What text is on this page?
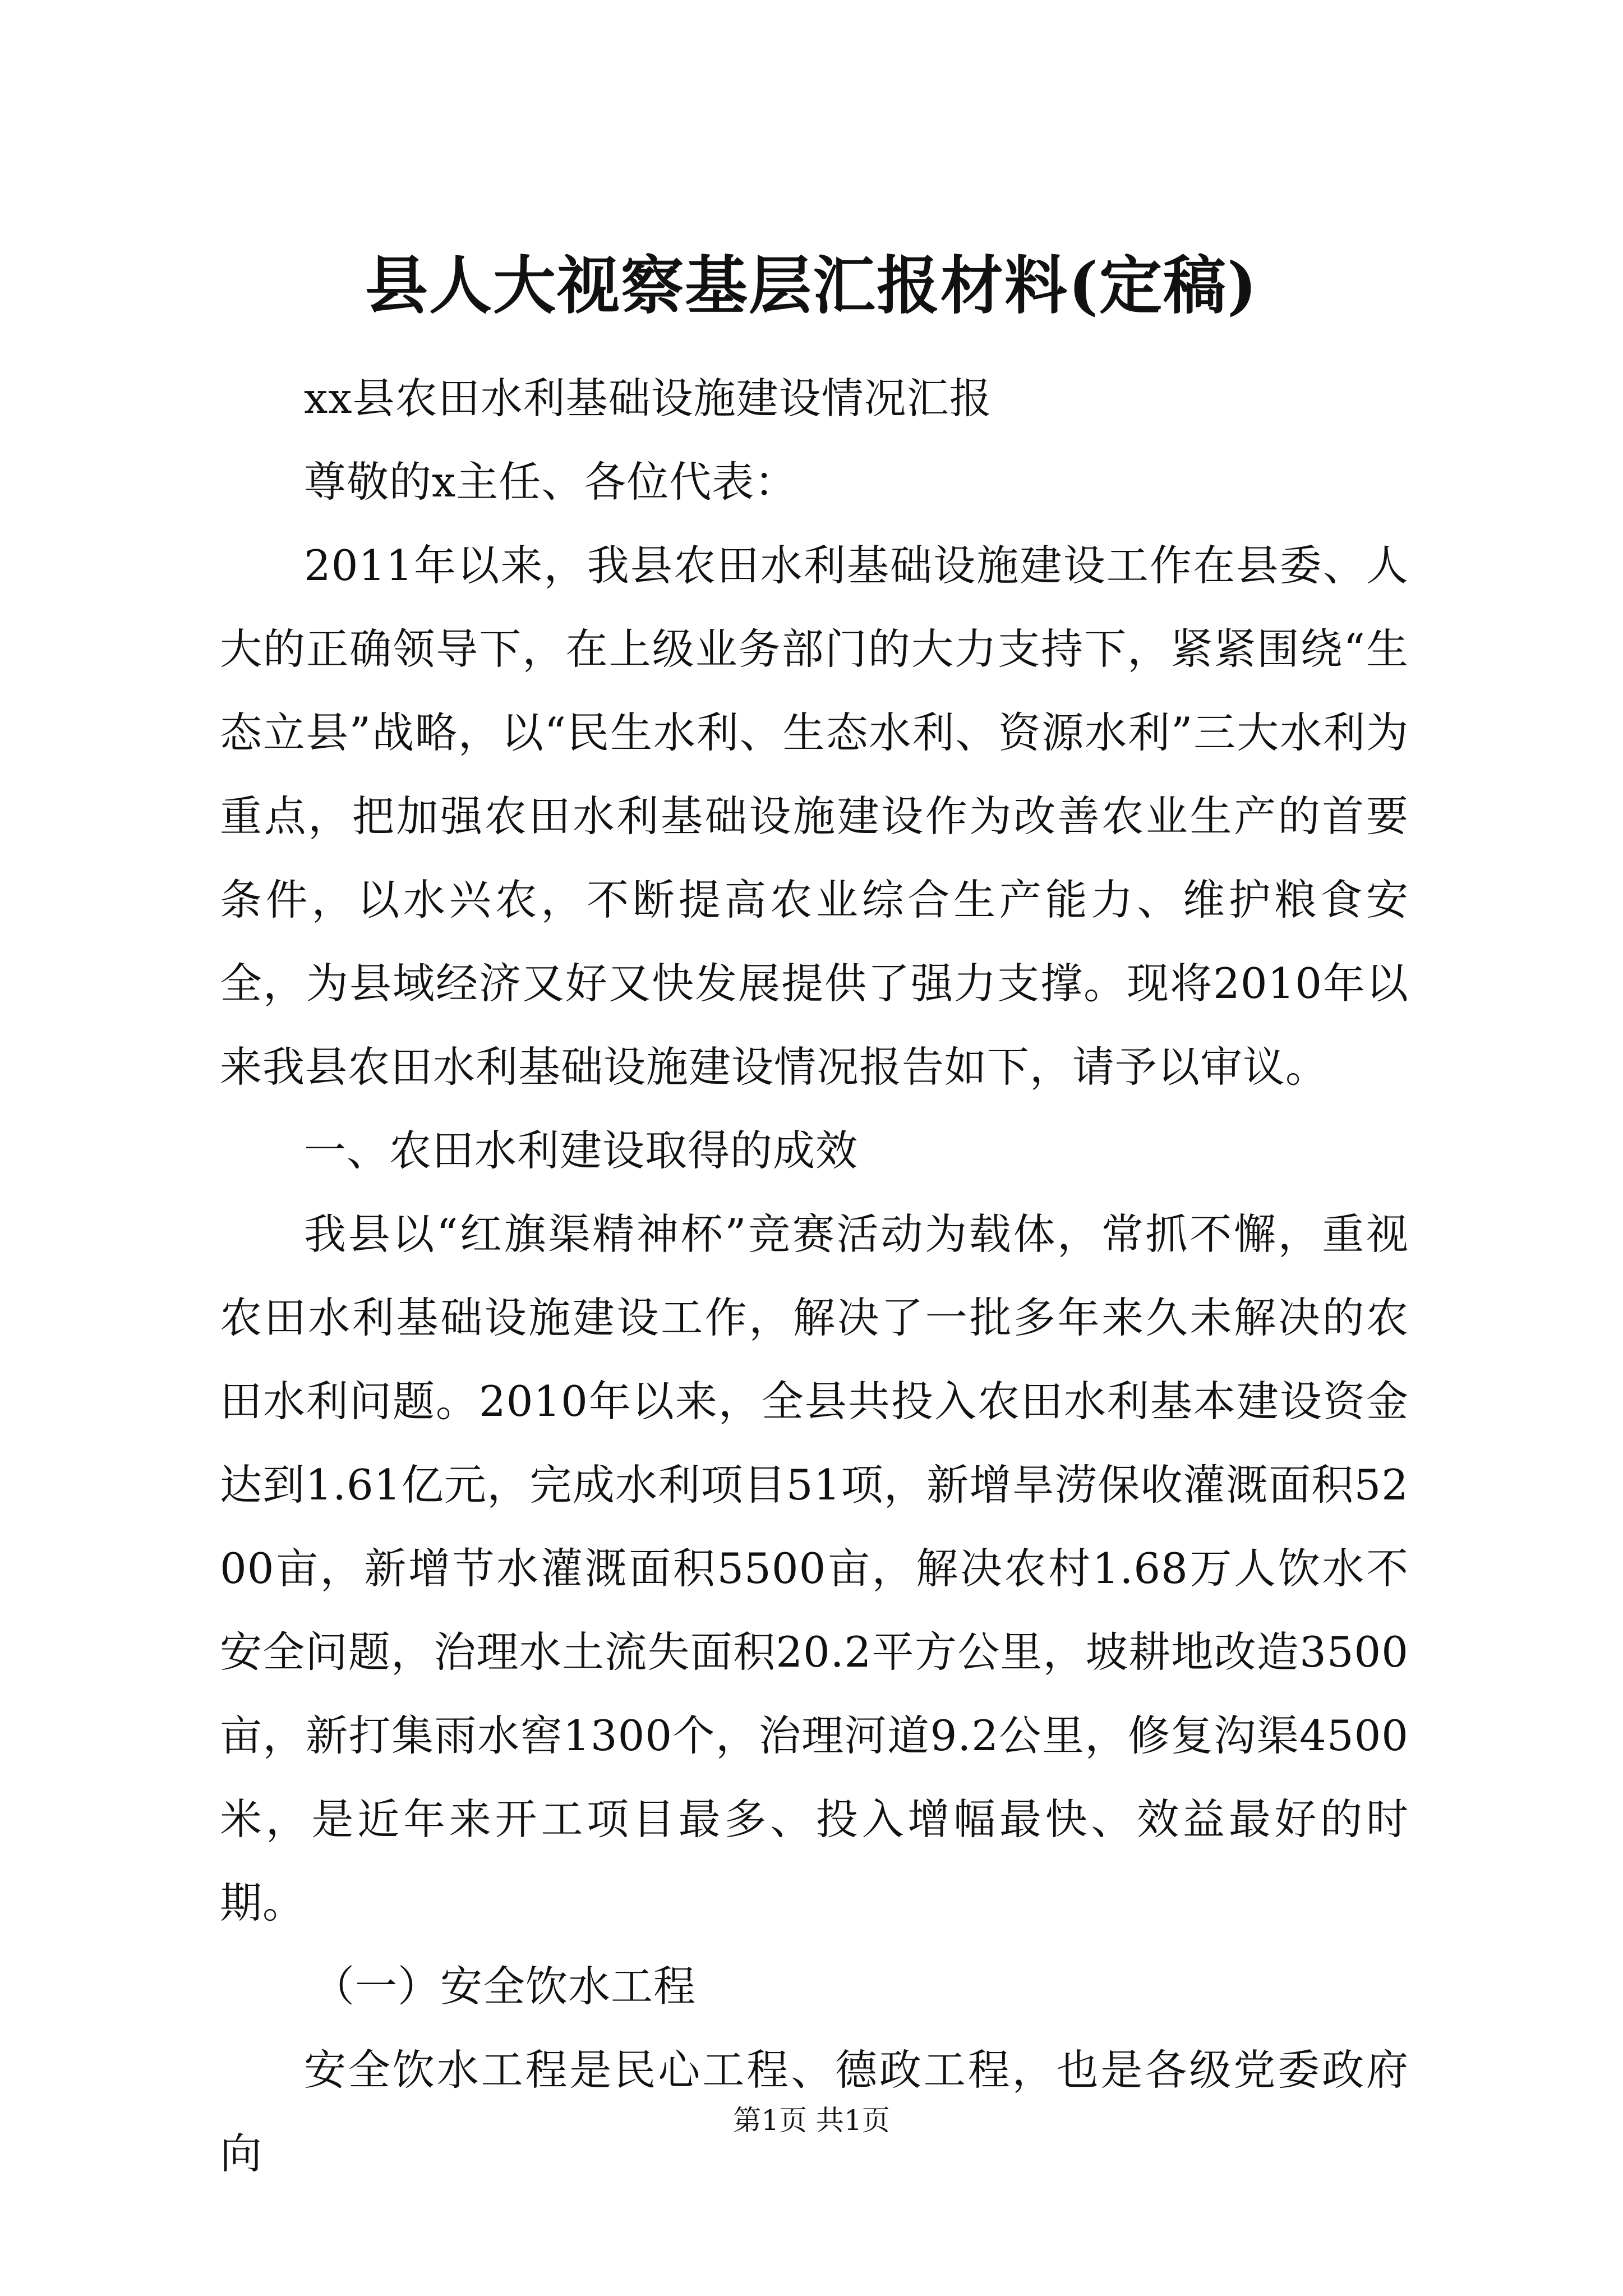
县人大视察基层汇报材料(定稿)

xx县农田水利基础设施建设情况汇报

尊敬的x主任、各位代表：

2011年以来，我县农田水利基础设施建设工作在县委、人大的正确领导下，在上级业务部门的大力支持下，紧紧围绕“生态立县”战略，以“民生水利、生态水利、资源水利”三大水利为重点，把加强农田水利基础设施建设作为改善农业生产的首要条件，以水兴农，不断提高农业综合生产能力、维护粮食安全，为县域经济又好又快发展提供了强力支撑。现将2010年以来我县农田水利基础设施建设情况报告如下，请予以审议。

一、农田水利建设取得的成效

我县以“红旗渠精神杯”竞赛活动为载体，常抓不懈，重视农田水利基础设施建设工作，解决了一批多年来久未解决的农田水利问题。2010年以来，全县共投入农田水利基本建设资金达到1.61亿元，完成水利项目51项，新增旱涝保收灌溉面积5200亩，新增节水灌溉面积5500亩，解决农村1.68万人饮水不安全问题，治理水土流失面积20.2平方公里，坡耕地改造3500亩，新打集雨水窖1300个，治理河道9.2公里，修复沟渠4500米，是近年来开工项目最多、投入增幅最快、效益最好的时期。

（一）安全饮水工程

安全饮水工程是民心工程、德政工程，也是各级党委政府向

第1页 共1页
